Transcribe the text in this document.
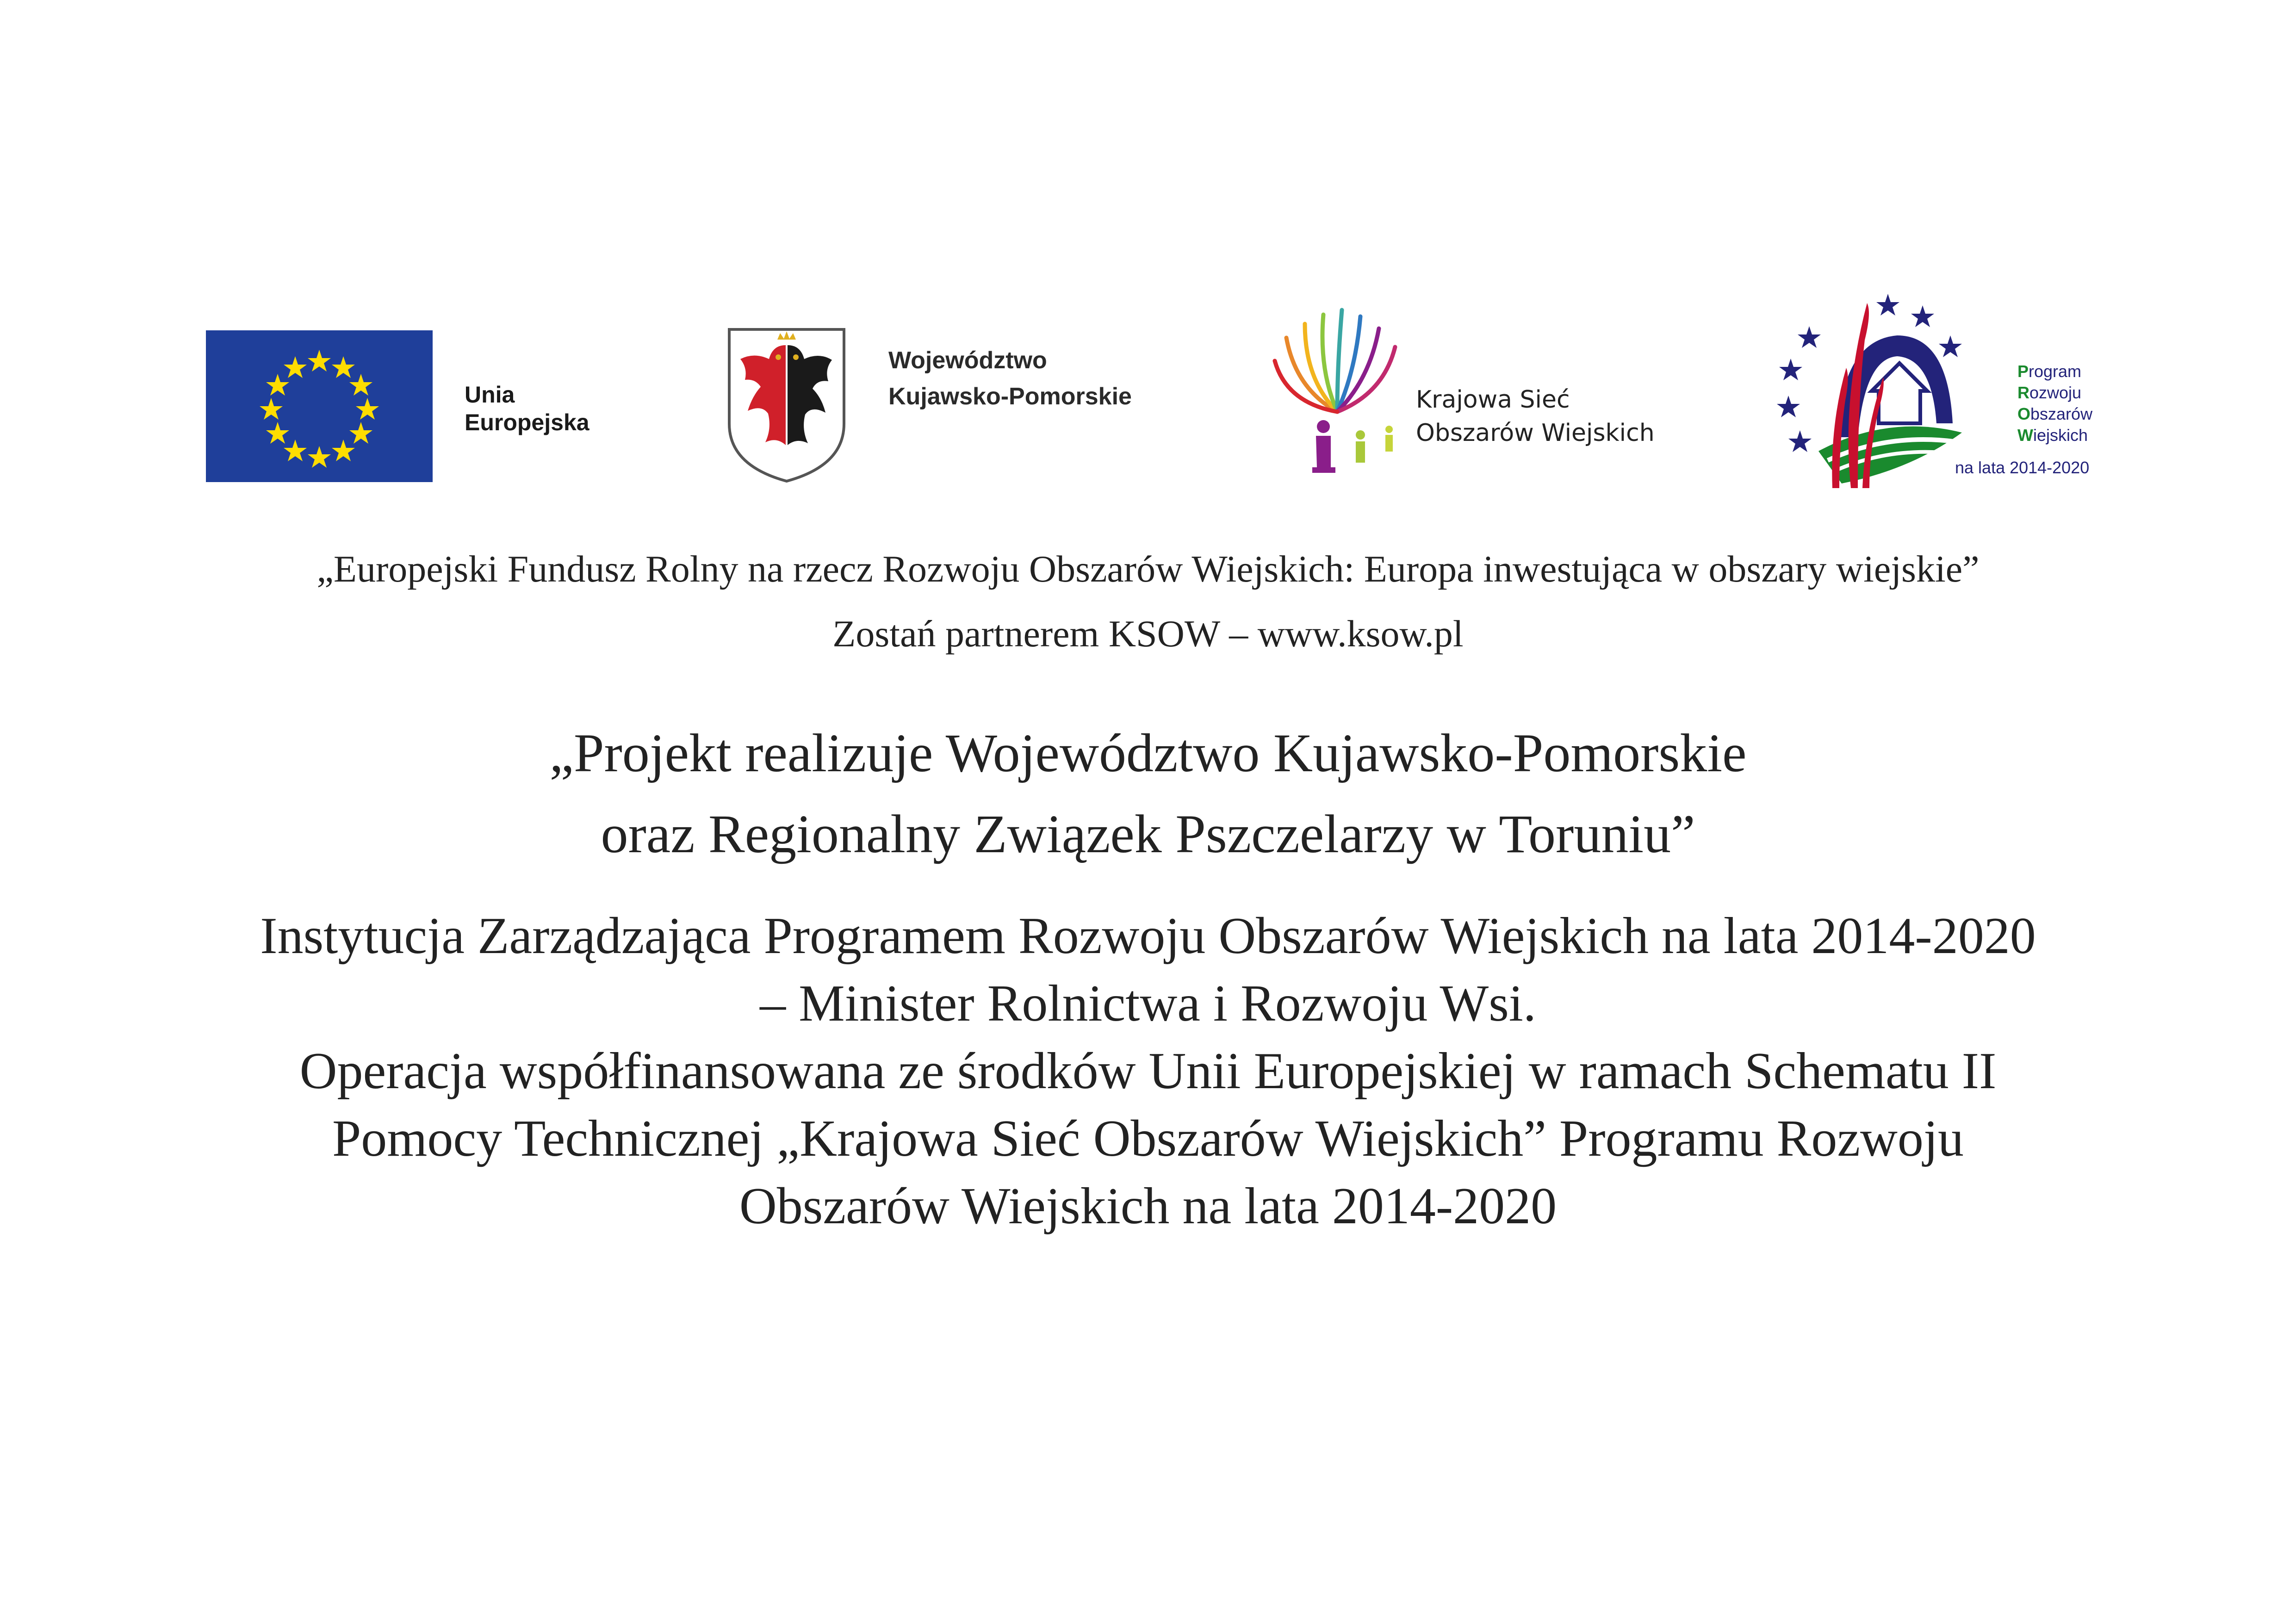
Unia
Europejska
Województwo
Kujawsko-Pomorskie	Krajowa Sieć
Obszarów Wiejskich
Program
Rozwoju
Obszarów
Wiejskich
na lata 2014-2020
„Europejski Fundusz Rolny na rzecz Rozwoju Obszarów Wiejskich: Europa inwestująca w obszary wiejskie”
Zostań partnerem KSOW – www.ksow.pl
„Projekt realizuje Województwo Kujawsko-Pomorskie
oraz Regionalny Związek Pszczelarzy w Toruniu”
Instytucja Zarządzająca Programem Rozwoju Obszarów Wiejskich na lata 2014-2020
– Minister Rolnictwa i Rozwoju Wsi.
Operacja współfinansowana ze środków Unii Europejskiej w ramach Schematu II
Pomocy Technicznej „Krajowa Sieć Obszarów Wiejskich” Programu Rozwoju
Obszarów Wiejskich na lata 2014-2020
